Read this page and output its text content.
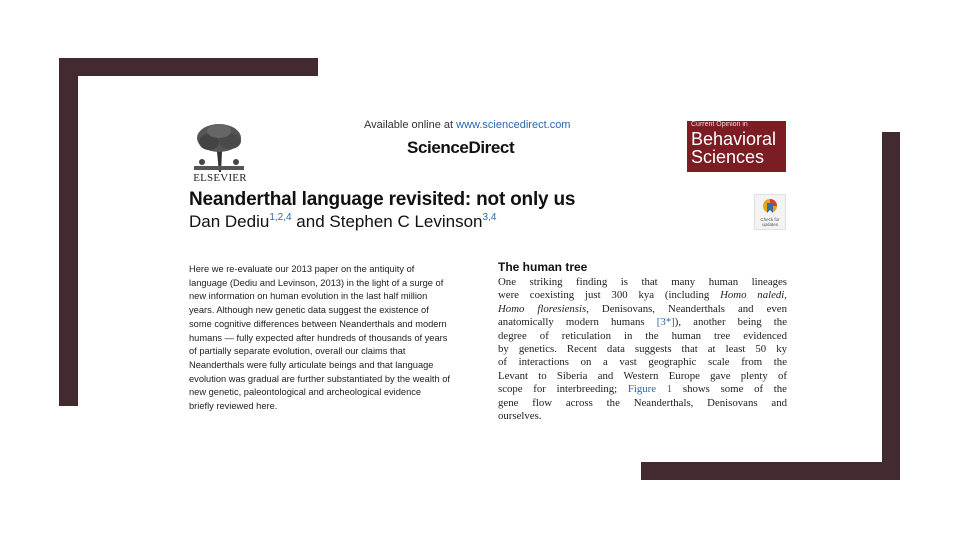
ELSEVIER
Available online at www.sciencedirect.com
ScienceDirect
Current Opinion in
Behavioral
Sciences
Check for updates
Neanderthal language revisited: not only us
Dan Dediu$^{1,2,4}$ and Stephen C Levinson$^{3,4}$
Here we re-evaluate our 2013 paper on the antiquity of
language (Dediu and Levinson, 2013) in the light of a surge of
new information on human evolution in the last half million
years. Although new genetic data suggest the existence of
some cognitive differences between Neanderthals and modern
humans — fully expected after hundreds of thousands of years
of partially separate evolution, overall our claims that
Neanderthals were fully articulate beings and that language
evolution was gradual are further substantiated by the wealth of
new genetic, paleontological and archeological evidence
briefly reviewed here.
The human tree
One striking finding is that many human lineages
were coexisting just 300 kya (including Homo naledi,
Homo floresiensis, Denisovans, Neanderthals and even
anatomically modern humans [3*]), another being the
degree of reticulation in the human tree evidenced
by genetics. Recent data suggests that at least 50 ky
of interactions on a vast geographic scale from the
Levant to Siberia and Western Europe gave plenty of
scope for interbreeding; Figure 1 shows some of the
gene flow across the Neanderthals, Denisovans and
ourselves.
